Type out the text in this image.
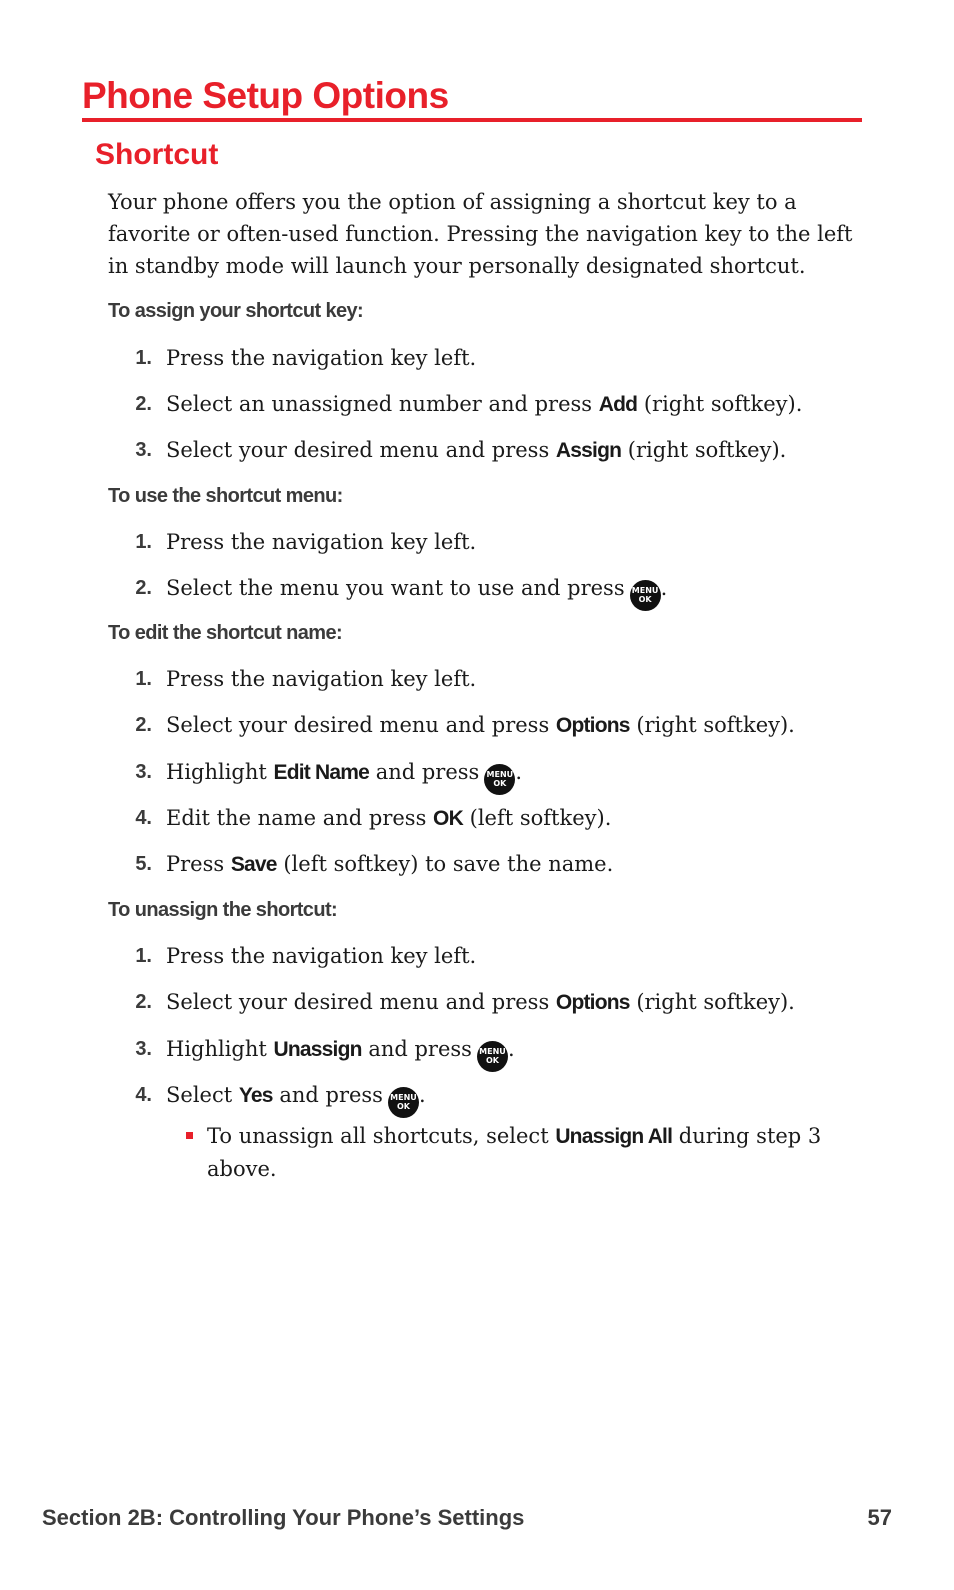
Phone Setup Options
Shortcut
Your phone offers you the option of assigning a shortcut key to a favorite or often-used function. Pressing the navigation key to the left in standby mode will launch your personally designated shortcut.
To assign your shortcut key:
1. Press the navigation key left.
2. Select an unassigned number and press Add (right softkey).
3. Select your desired menu and press Assign (right softkey).
To use the shortcut menu:
1. Press the navigation key left.
2. Select the menu you want to use and press MENU
OK .
To edit the shortcut name:
1. Press the navigation key left.
2. Select your desired menu and press Options (right softkey).
3. Highlight Edit Name and press MENU
OK .
4. Edit the name and press OK (left softkey).
5. Press Save (left softkey) to save the name.
To unassign the shortcut:
1. Press the navigation key left.
2. Select your desired menu and press Options (right softkey).
3. Highlight Unassign and press MENU
OK .
4. Select Yes and press MENU
OK .
To unassign all shortcuts, select Unassign All during step 3 above.
Section 2B: Controlling Your Phone’s Settings	57
